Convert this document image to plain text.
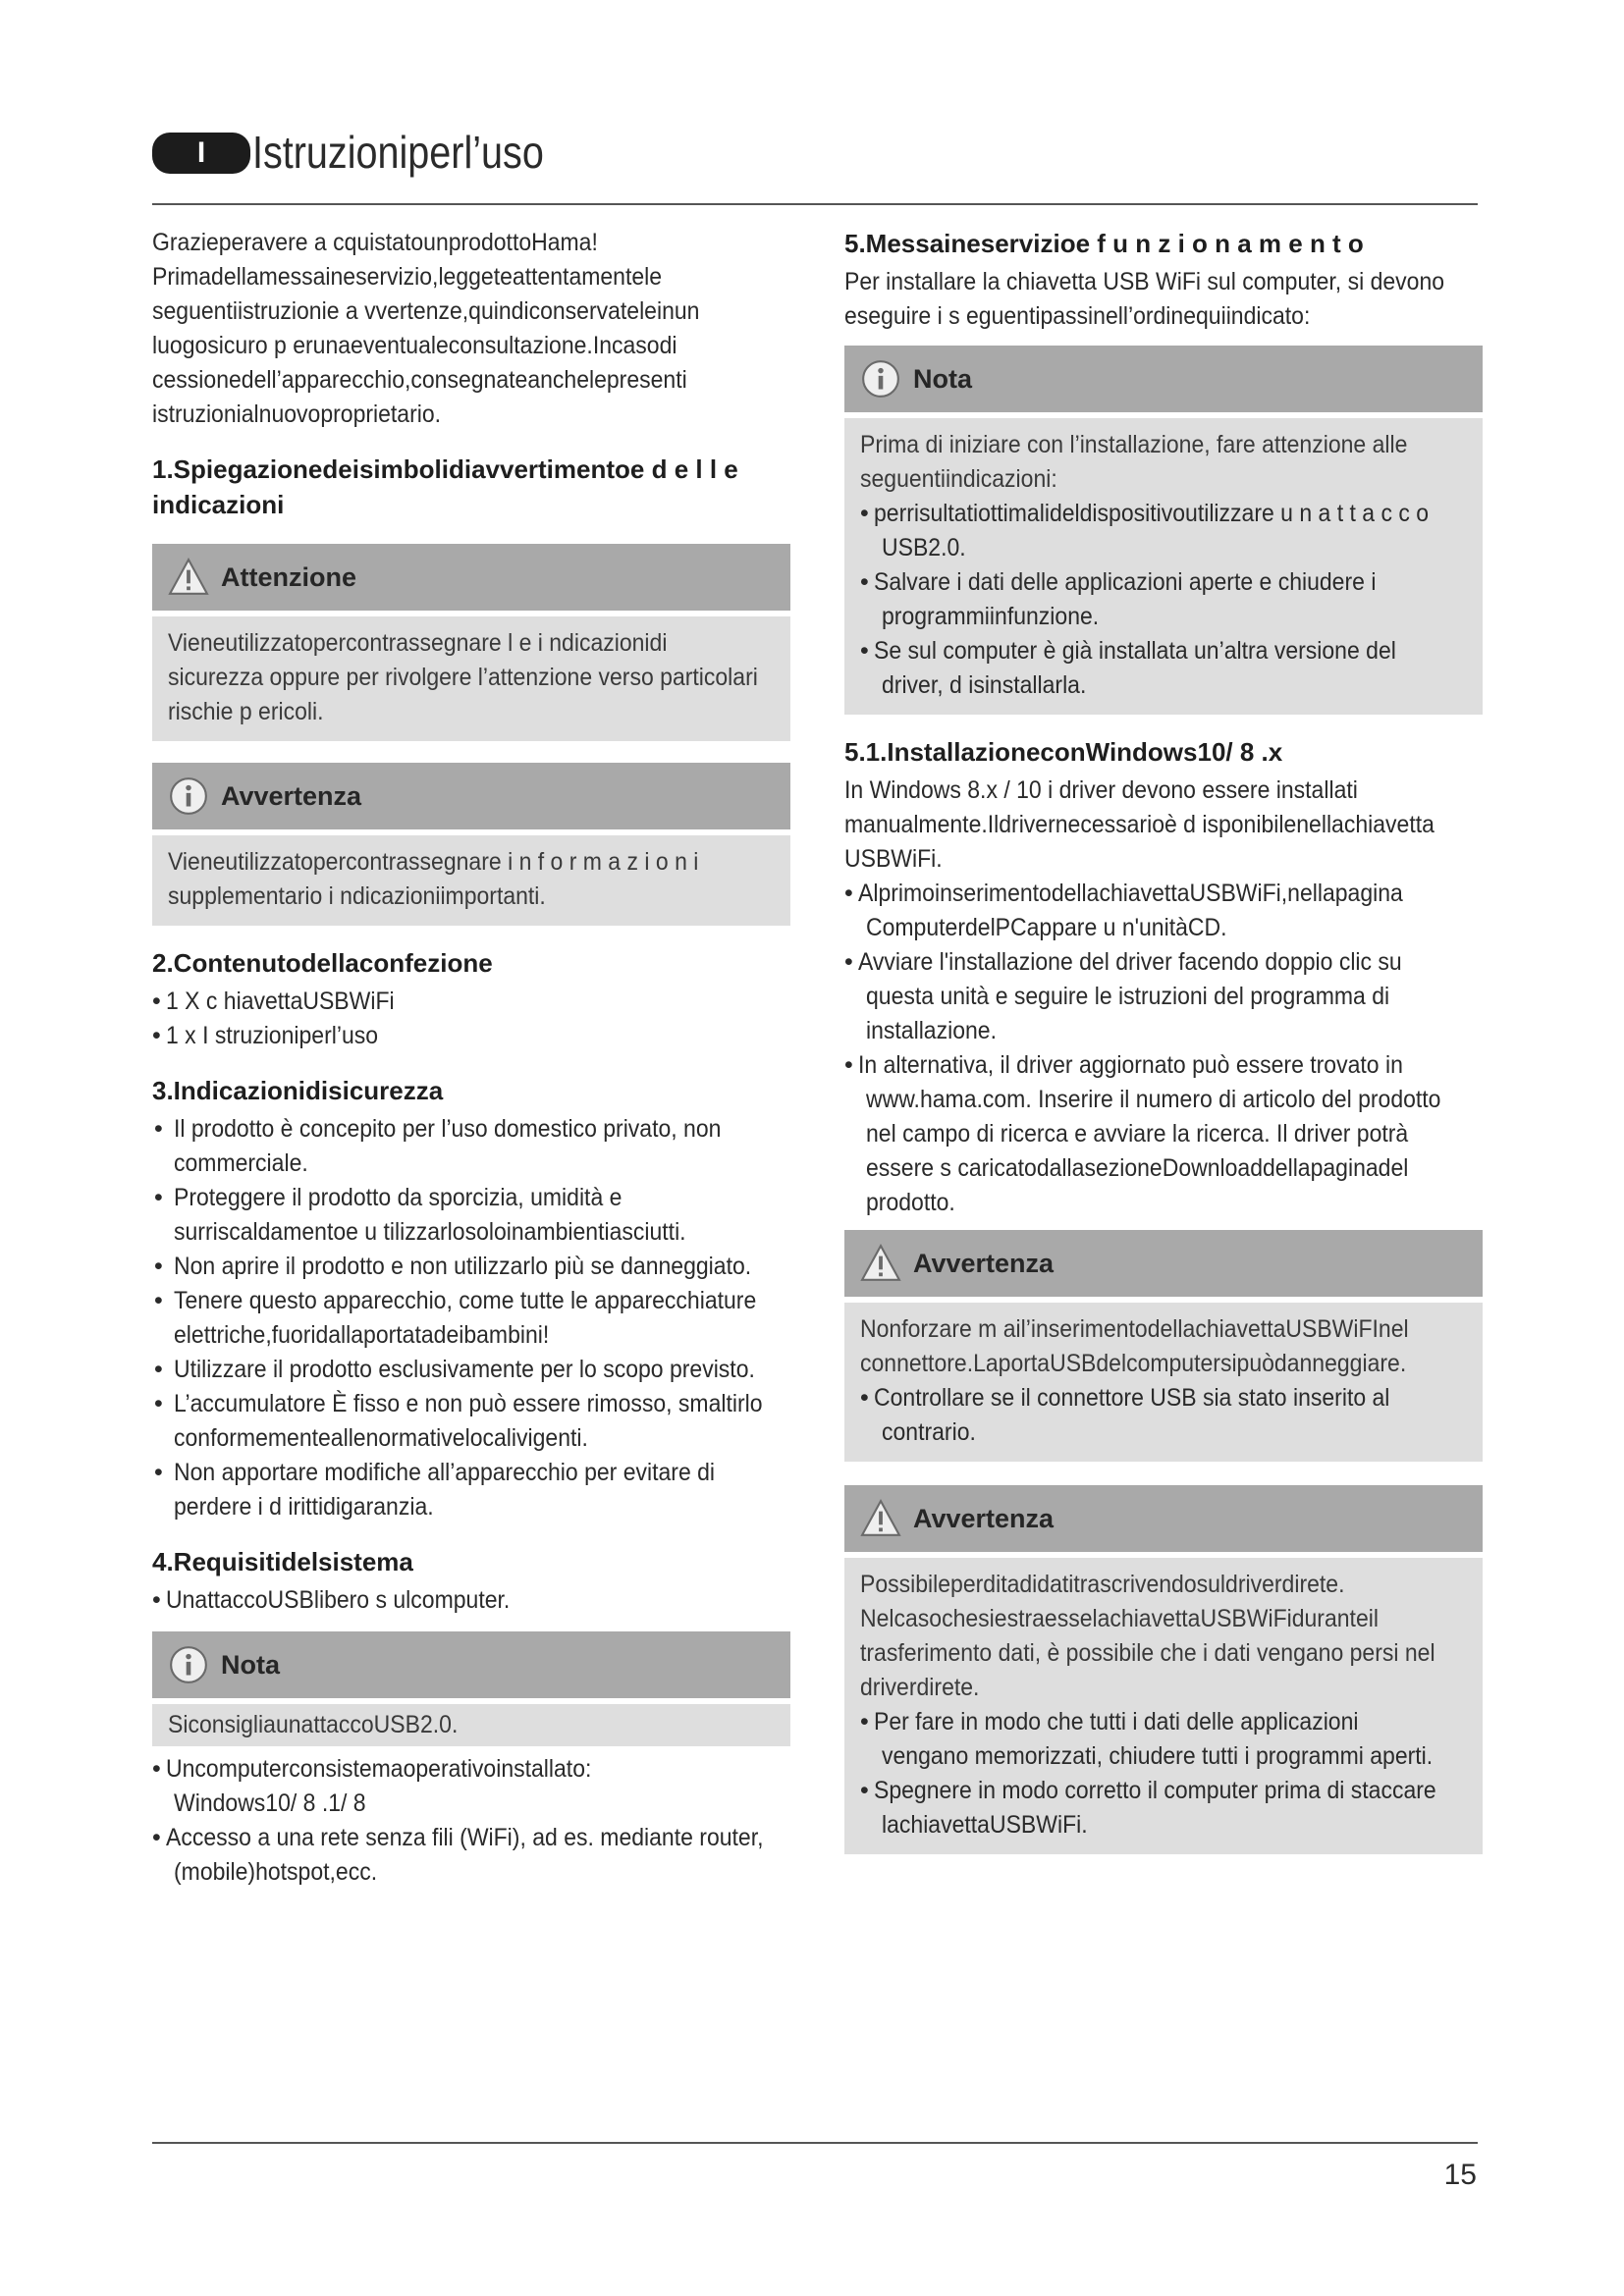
I	Istruzioniperl’uso

Grazieperavere a cquistatounprodottoHama!

Primadellamessaineservizio,leggeteattentamentele

seguentiistruzionie a vvertenze,quindiconservateleinun

luogosicuro p erunaeventualeconsultazione.Incasodi

cessionedell’apparecchio,consegnateanchelepresenti

istruzionialnuovoproprietario.

1.Spiegazionedeisimbolidiavvertimentoe d e l l e
indicazioni
Attenzione

Vieneutilizzatopercontrassegnare l e i ndicazionidi

sicurezza oppure per rivolgere l’attenzione verso particolari

rischie p ericoli.

Avvertenza

Vieneutilizzatopercontrassegnare i n f o r m a z i o n i

supplementario i ndicazioniimportanti.

2.Contenutodellaconfezione
• 1 X c hiavettaUSBWiFi
• 1 x I struzioniperl’uso
3.Indicazionidisicurezza
• Il prodotto è concepito per l’uso domestico privato, non
commerciale.
• Proteggere il prodotto da sporcizia, umidità e
surriscaldamentoe u tilizzarlosoloinambientiasciutti.
• Non aprire il prodotto e non utilizzarlo più se danneggiato.
• Tenere questo apparecchio, come tutte le apparecchiature
elettriche,fuoridallaportatadeibambini!
• Utilizzare il prodotto esclusivamente per lo scopo previsto.
• L’accumulatore È fisso e non può essere rimosso, smaltirlo
conformementeallenormativelocalivigenti.
• Non apportare modifiche all’apparecchio per evitare di
perdere i d irittidigaranzia.
4.Requisitidelsistema
• UnattaccoUSBlibero s ulcomputer.
Nota

SiconsigliaunattaccoUSB2.0.

• Uncomputerconsistemaoperativoinstallato:
Windows10/ 8 .1/ 8
• Accesso a una rete senza fili (WiFi), ad es. mediante router,
(mobile)hotspot,ecc.
5.Messaineservizioe f u n z i o n a m e n t o

Per installare la chiavetta USB WiFi sul computer, si devono

eseguire i s eguentipassinell’ordinequiindicato:

Nota

Prima di iniziare con l’installazione, fare attenzione alle

seguentiindicazioni:

• perrisultatiottimalideldispositivoutilizzare u n a t t a c c o
USB2.0.
• Salvare i dati delle applicazioni aperte e chiudere i
programmiinfunzione.
• Se sul computer è già installata un’altra versione del
driver, d isinstallarla.
5.1.InstallazioneconWindows10/ 8 .x

In Windows 8.x / 10 i driver devono essere installati

manualmente.Ildrivernecessarioè d isponibilenellachiavetta

USBWiFi.

• AlprimoinserimentodellachiavettaUSBWiFi,nellapagina
ComputerdelPCappare u n'unitàCD.
• Avviare l'installazione del driver facendo doppio clic su
questa unità e seguire le istruzioni del programma di
installazione.
• In alternativa, il driver aggiornato può essere trovato in
www.hama.com. Inserire il numero di articolo del prodotto
nel campo di ricerca e avviare la ricerca. Il driver potrà
essere s caricatodallasezioneDownloaddellapaginadel
prodotto.
Avvertenza

Nonforzare m ail’inserimentodellachiavettaUSBWiFInel

connettore.LaportaUSBdelcomputersipuòdanneggiare.

• Controllare se il connettore USB sia stato inserito al
contrario.
Avvertenza

Possibileperditadidatitrascrivendosuldriverdirete.

NelcasochesiestraesselachiavettaUSBWiFiduranteil

trasferimento dati, è possibile che i dati vengano persi nel

driverdirete.

• Per fare in modo che tutti i dati delle applicazioni
vengano memorizzati, chiudere tutti i programmi aperti.
• Spegnere in modo corretto il computer prima di staccare
lachiavettaUSBWiFi.
15
